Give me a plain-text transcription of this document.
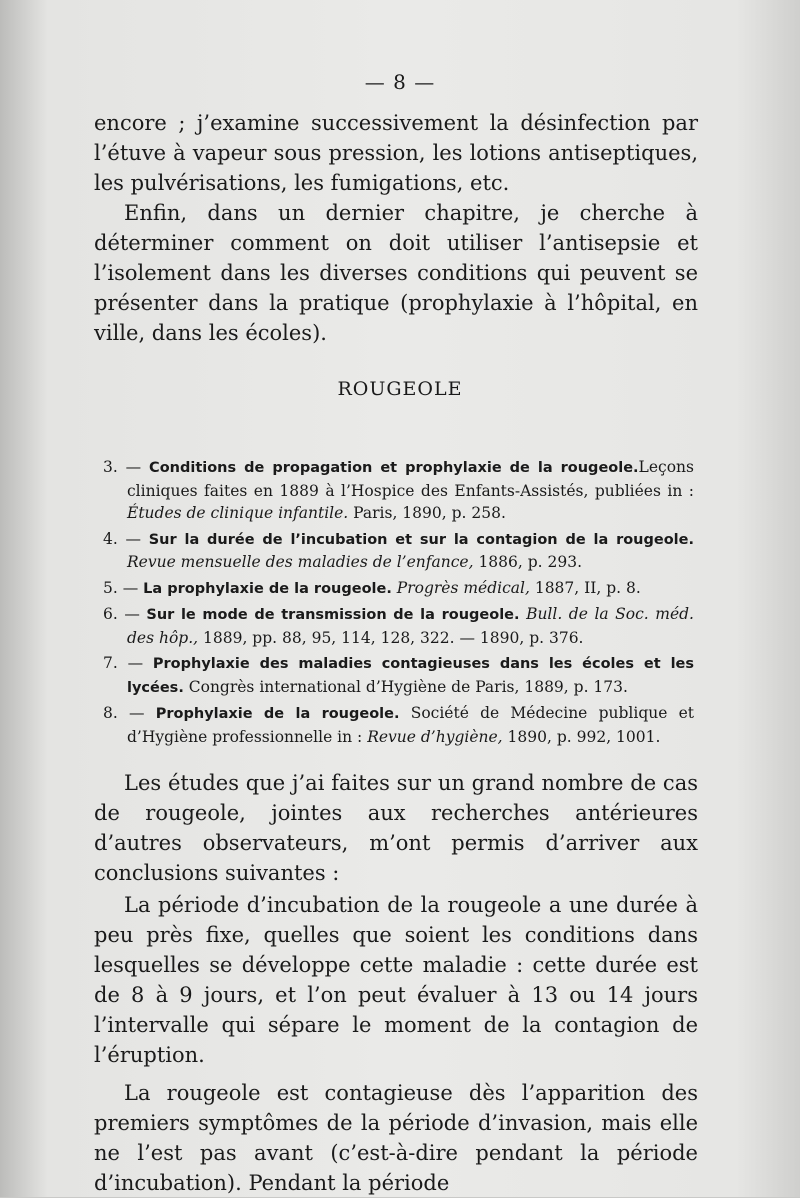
— 8 —

encore ; j’examine successivement la désinfection par l’étuve à vapeur sous pression, les lotions antiseptiques, les pulvérisations, les fumigations, etc.

Enfin, dans un dernier chapitre, je cherche à déterminer comment on doit utiliser l’antisepsie et l’isolement dans les diverses conditions qui peuvent se présenter dans la pratique (prophylaxie à l’hôpital, en ville, dans les écoles).

ROUGEOLE
3. — Conditions de propagation et prophylaxie de la rougeole.Leçons cliniques faites en 1889 à l’Hospice des Enfants-Assistés, publiées in : Études de clinique infantile. Paris, 1890, p. 258.
4. — Sur la durée de l’incubation et sur la contagion de la rougeole. Revue mensuelle des maladies de l’enfance, 1886, p. 293.
5. — La prophylaxie de la rougeole. Progrès médical, 1887, II, p. 8.
6. — Sur le mode de transmission de la rougeole. Bull. de la Soc. méd. des hôp., 1889, pp. 88, 95, 114, 128, 322. — 1890, p. 376.
7. — Prophylaxie des maladies contagieuses dans les écoles et les lycées. Congrès international d’Hygiène de Paris, 1889, p. 173.
8. — Prophylaxie de la rougeole. Société de Médecine publique et d’Hygiène professionnelle in : Revue d’hygiène, 1890, p. 992, 1001.

Les études que j’ai faites sur un grand nombre de cas de rougeole, jointes aux recherches antérieures d’autres observateurs, m’ont permis d’arriver aux conclusions suivantes :

La période d’incubation de la rougeole a une durée à peu près fixe, quelles que soient les conditions dans lesquelles se développe cette maladie : cette durée est de 8 à 9 jours, et l’on peut évaluer à 13 ou 14 jours l’intervalle qui sépare le moment de la contagion de l’éruption.

La rougeole est contagieuse dès l’apparition des premiers symptômes de la période d’invasion, mais elle ne l’est pas avant (c’est-à-dire pendant la période d’incubation). Pendant la période
